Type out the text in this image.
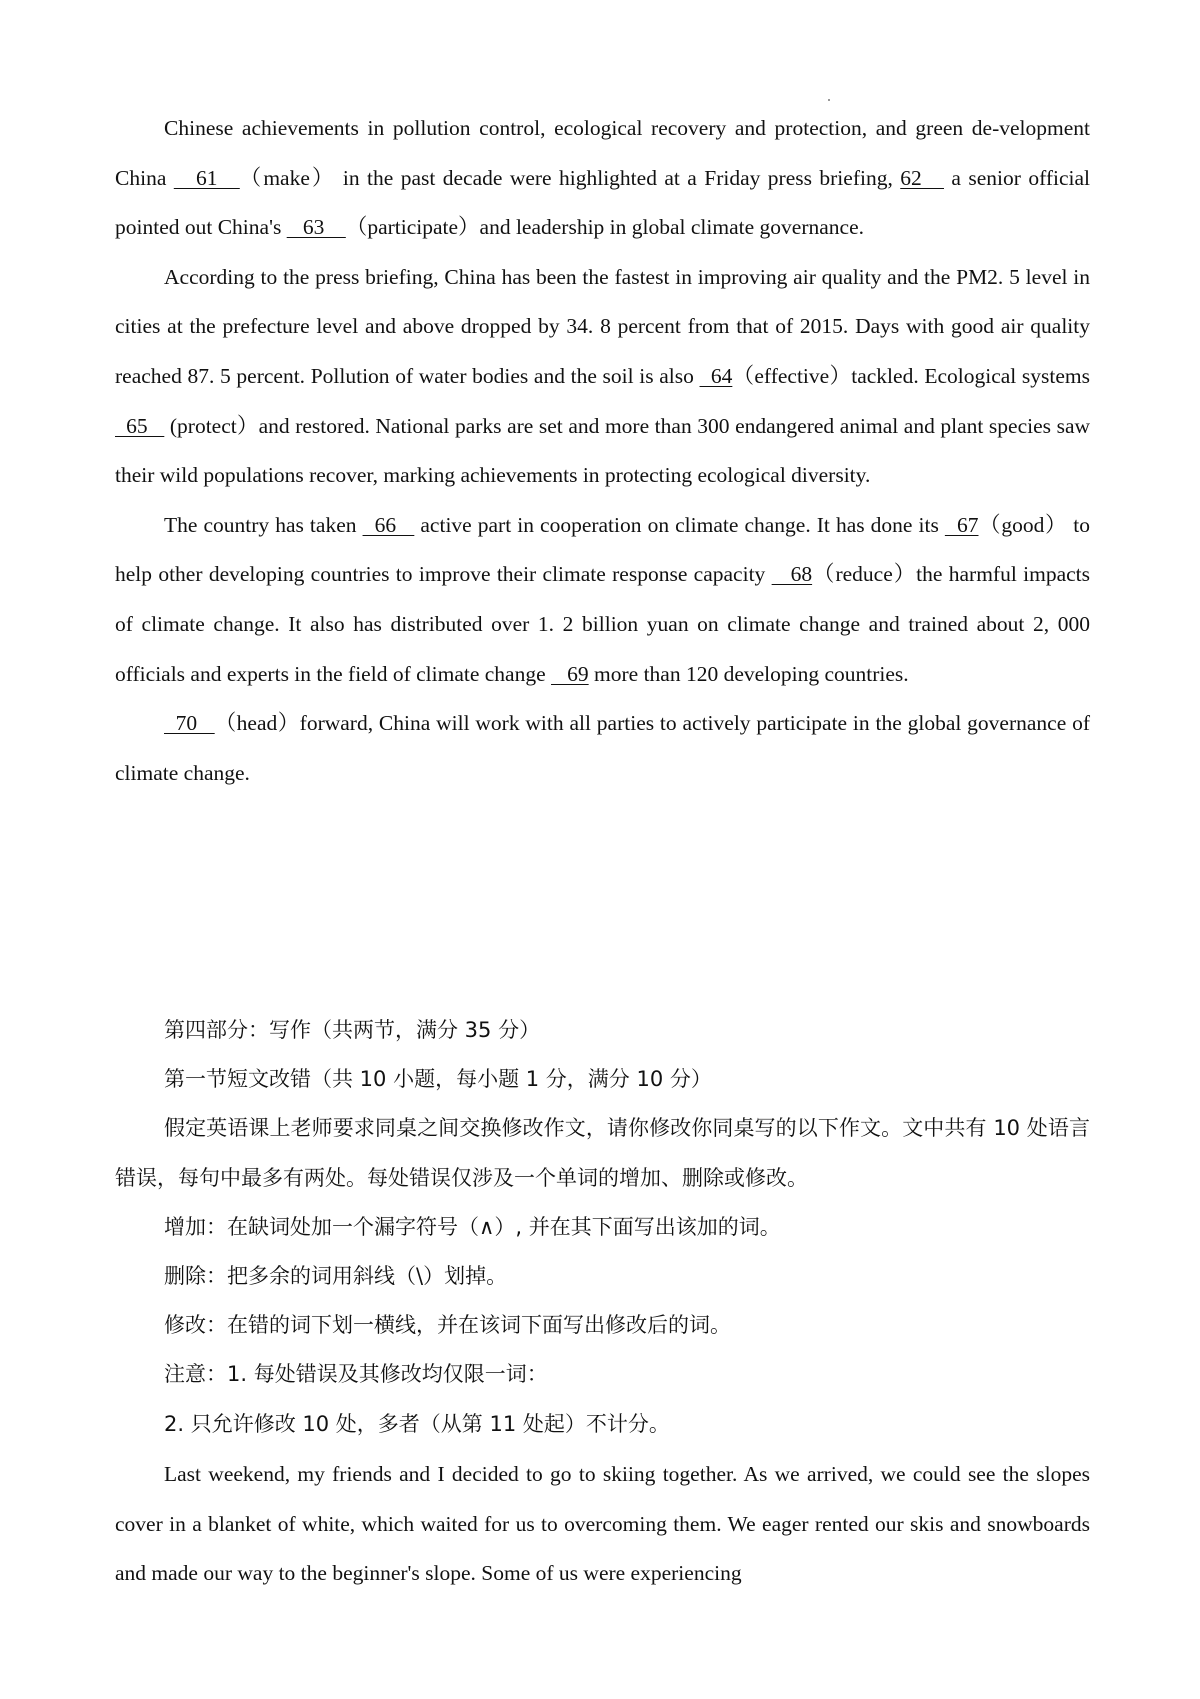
Chinese achievements in pollution control, ecological recovery and protection, and green de-velopment China    61   （make） in the past decade were highlighted at a Friday press briefing, 62    a senior official pointed out China's    63    （participate）and leadership in global climate governance.

According to the press briefing, China has been the fastest in improving air quality and the PM2. 5 level in cities at the prefecture level and above dropped by 34. 8 percent from that of 2015. Days with good air quality reached 87. 5 percent. Pollution of water bodies and the soil is also   64（effective）tackled. Ecological systems   65    (protect）and restored. National parks are set and more than 300 endangered animal and plant species saw their wild populations recover, marking achievements in protecting ecological diversity.

The country has taken   66    active part in cooperation on climate change. It has done its   67（good） to help other developing countries to improve their climate response capacity    68（reduce）the harmful impacts of climate change. It also has distributed over 1. 2 billion yuan on climate change and trained about 2, 000 officials and experts in the field of climate change    69 more than 120 developing countries.

70   （head）forward, China will work with all parties to actively participate in the global governance of climate change.

第四部分：写作（共两节，满分 35 分）

第一节短文改错（共 10 小题，每小题 1 分，满分 10 分）

假定英语课上老师要求同桌之间交换修改作文，请你修改你同桌写的以下作文。文中共有 10 处语言错误，每句中最多有两处。每处错误仅涉及一个单词的增加、删除或修改。

增加：在缺词处加一个漏字符号（∧）, 并在其下面写出该加的词。

删除：把多余的词用斜线（\）划掉。

修改：在错的词下划一横线，并在该词下面写出修改后的词。

注意：1. 每处错误及其修改均仅限一词：

2. 只允许修改 10 处，多者（从第 11 处起）不计分。

Last weekend, my friends and I decided to go to skiing together. As we arrived, we could see the slopes cover in a blanket of white, which waited for us to overcoming them. We eager rented our skis and snowboards and made our way to the beginner's slope. Some of us were experiencing
